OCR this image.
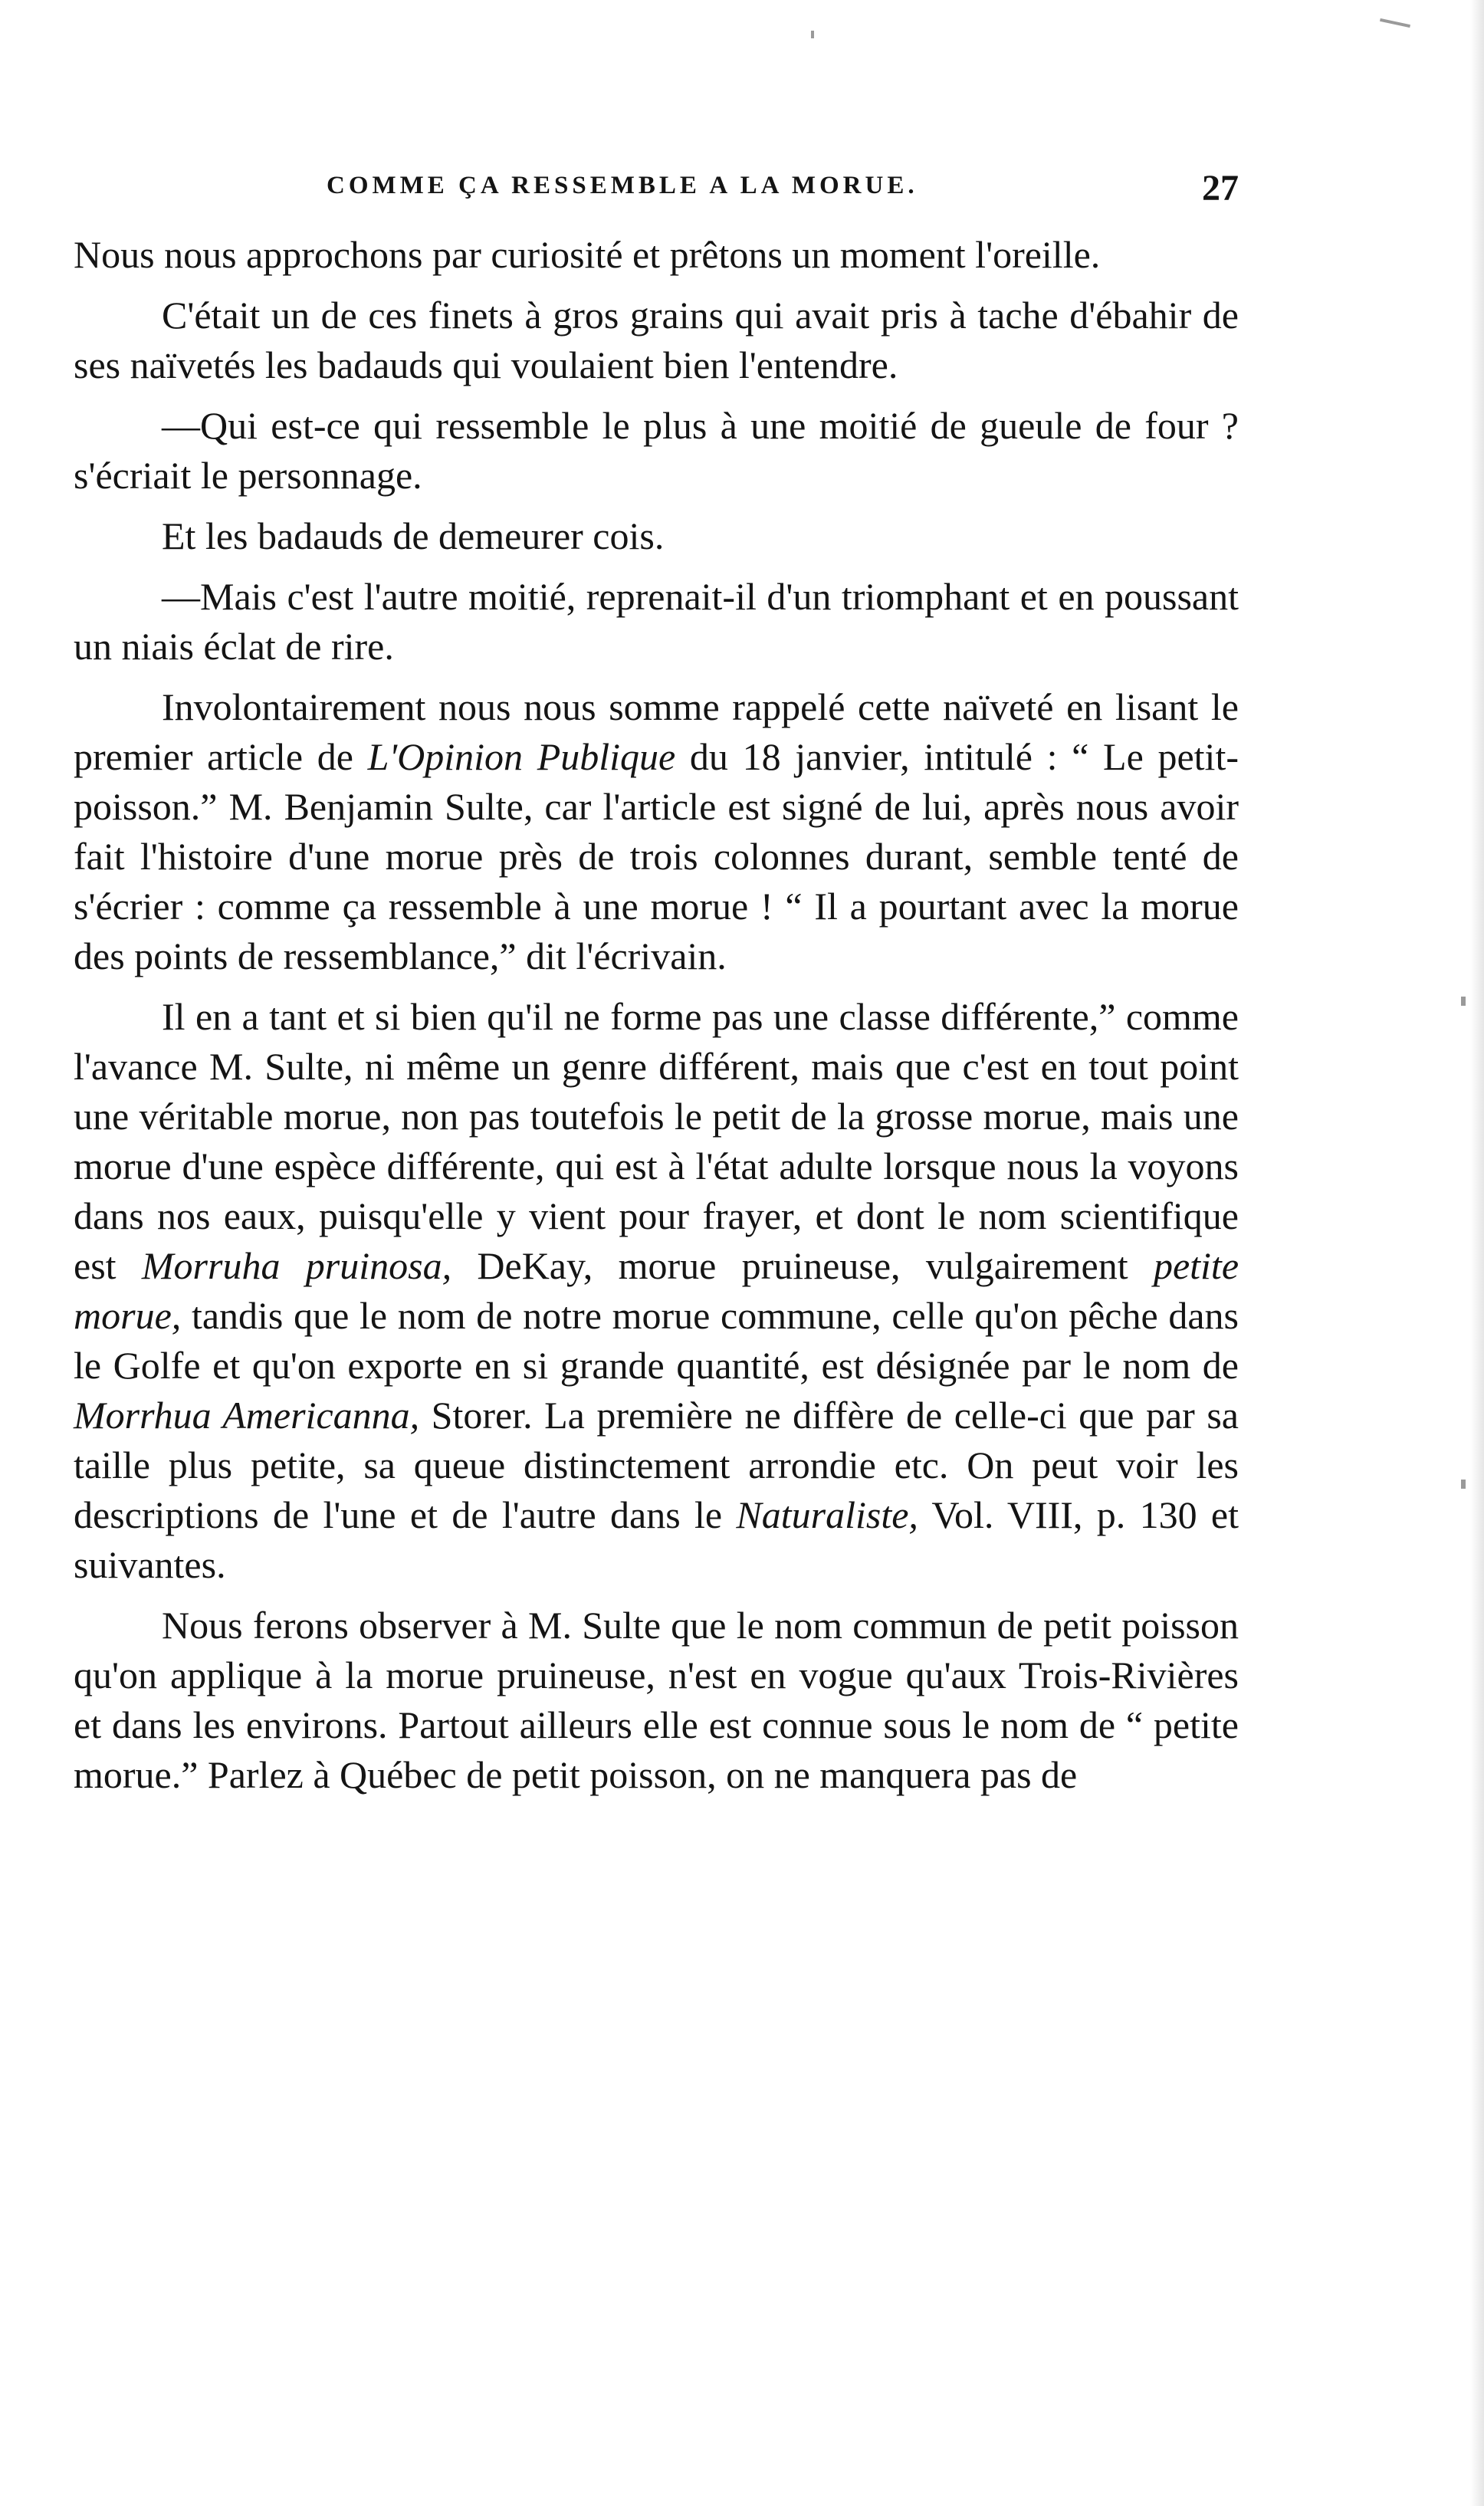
COMME ÇA RESSEMBLE A LA MORUE.	27

Nous nous approchons par curiosité et prêtons un moment l'oreille.

C'était un de ces finets à gros grains qui avait pris à tache d'ébahir de ses naïvetés les badauds qui voulaient bien l'entendre.

—Qui est-ce qui ressemble le plus à une moitié de gueule de four ? s'écriait le personnage.

Et les badauds de demeurer cois.

—Mais c'est l'autre moitié, reprenait-il d'un triomphant et en poussant un niais éclat de rire.

Involontairement nous nous somme rappelé cette naïveté en lisant le premier article de L'Opinion Publique du 18 janvier, intitulé : “ Le petit-poisson.” M. Benjamin Sulte, car l'article est signé de lui, après nous avoir fait l'histoire d'une morue près de trois colonnes durant, semble tenté de s'écrier : comme ça ressemble à une morue ! “ Il a pourtant avec la morue des points de ressemblance,” dit l'écrivain.

Il en a tant et si bien qu'il ne forme pas une classe différente,” comme l'avance M. Sulte, ni même un genre différent, mais que c'est en tout point une véritable morue, non pas toutefois le petit de la grosse morue, mais une morue d'une espèce différente, qui est à l'état adulte lorsque nous la voyons dans nos eaux, puisqu'elle y vient pour frayer, et dont le nom scientifique est Morruha pruinosa, DeKay, morue pruineuse, vulgairement petite morue, tandis que le nom de notre morue commune, celle qu'on pêche dans le Golfe et qu'on exporte en si grande quantité, est désignée par le nom de Morrhua Americanna, Storer. La première ne diffère de celle-ci que par sa taille plus petite, sa queue distinctement arrondie etc. On peut voir les descriptions de l'une et de l'autre dans le Naturaliste, Vol. VIII, p. 130 et suivantes.

Nous ferons observer à M. Sulte que le nom commun de petit poisson qu'on applique à la morue pruineuse, n'est en vogue qu'aux Trois-Rivières et dans les environs. Partout ailleurs elle est connue sous le nom de “ petite morue.” Parlez à Québec de petit poisson, on ne manquera pas de
